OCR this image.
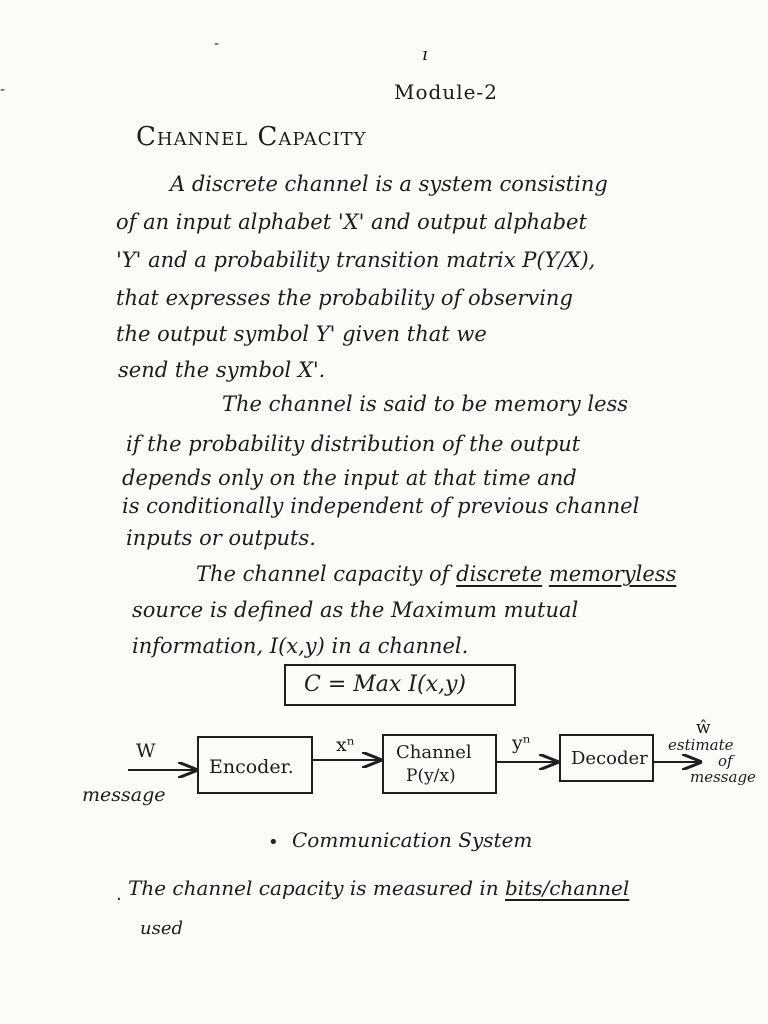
-
-
ı
Module-2
Channel Capacity
A discrete channel is a system consisting
of an input alphabet 'X' and output alphabet
'Y' and a probability transition matrix P(Y/X),
that expresses the probability of observing
the output symbol Y' given that we
send the symbol X'.
The channel is said to be memory less
if the probability distribution of the output
depends only on the input at that time and
is conditionally independent of previous channel
inputs or outputs.
The channel capacity of discrete memoryless
source is defined as the Maximum mutual
information, I(x,y) in a channel.
C = Max I(x,y)
Encoder.
Channel
P(y/x)
Decoder
W
message
xⁿ	yⁿ
ŵ
estimate
of
message
• Communication System
. The channel capacity is measured in bits/channel
used
